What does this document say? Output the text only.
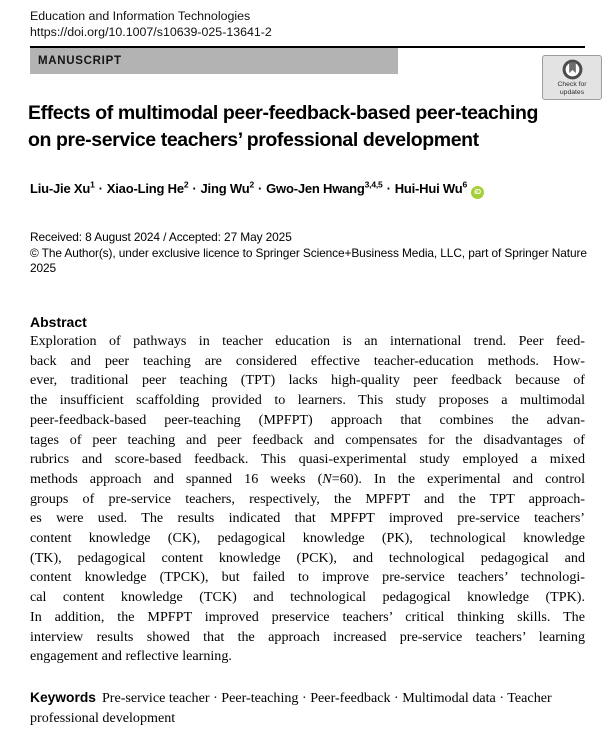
Education and Information Technologies
https://doi.org/10.1007/s10639-025-13641-2
MANUSCRIPT
Check for
updates
Effects of multimodal peer-feedback-based peer-teaching
on pre-service teachers’ professional development
Liu-Jie $Xu^1$ · Xiao-Ling $He^2$ · Jing $Wu^2 \cdot Gwo-Jen$ Hwang$^{3,4,5}$ · Hui-Hui Wu$^6$iD
Received: 8 August 2024 / Accepted: 27 May 2025
© The Author(s), under exclusive licence to Springer Science+Business Media, LLC, part of Springer Nature
2025
Abstract
Exploration of pathways in teacher education is an international trend. Peer feed-
back and peer teaching are considered effective teacher-education methods. How-
ever, traditional peer teaching (TPT) lacks high-quality peer feedback because of
the insufficient scaffolding provided to learners. This study proposes a multimodal
peer-feedback-based peer-teaching (MPFPT) approach that combines the advan-
tages of peer teaching and peer feedback and compensates for the disadvantages of
rubrics and score-based feedback. This quasi-experimental study employed a mixed
methods approach and spanned 16 weeks (N=60). In the experimental and control
groups of pre-service teachers, respectively, the MPFPT and the TPT approach-
es were used. The results indicated that MPFPT improved pre-service teachers’
content knowledge (CK), pedagogical knowledge (PK), technological knowledge
(TK), pedagogical content knowledge (PCK), and technological pedagogical and
content knowledge (TPCK), but failed to improve pre-service teachers’ technologi-
cal content knowledge (TCK) and technological pedagogical knowledge (TPK).
In addition, the MPFPT improved preservice teachers’ critical thinking skills. The
interview results showed that the approach increased pre-service teachers’ learning
engagement and reflective learning.
Keywords Pre-service teacher · Peer-teaching · Peer-feedback · Multimodal data · Teacher professional development
